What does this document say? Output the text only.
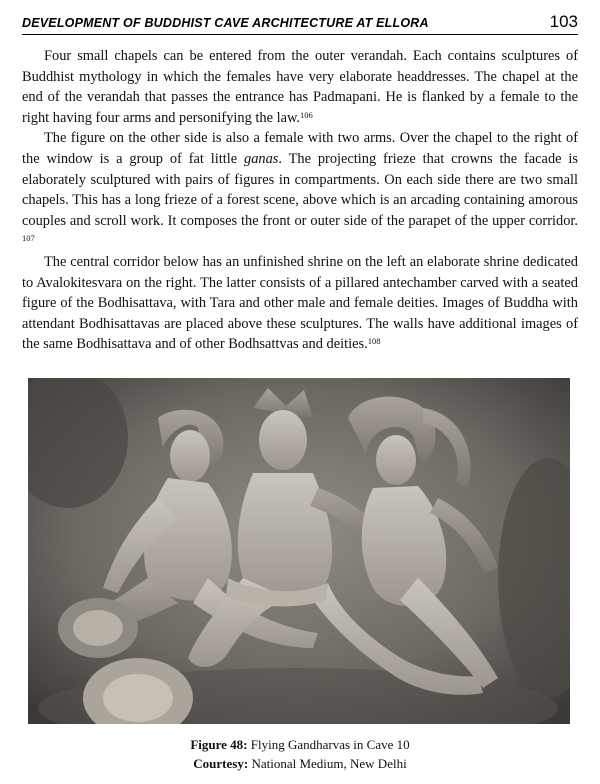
DEVELOPMENT OF BUDDHIST CAVE ARCHITECTURE AT ELLORA	103

Four small chapels can be entered from the outer verandah. Each contains sculptures of Buddhist mythology in which the females have very elaborate headdresses. The chapel at the end of the verandah that passes the entrance has Padmapani. He is flanked by a female to the right having four arms and personifying the law.$^{106}$

The figure on the other side is also a female with two arms. Over the chapel to the right of the window is a group of fat little ganas. The projecting frieze that crowns the facade is elaborately sculptured with pairs of figures in compartments. On each side there are two small chapels. This has a long frieze of a forest scene, above which is an arcading containing amorous couples and scroll work. It composes the front or outer side of the parapet of the upper corridor. $^{107}$

The central corridor below has an unfinished shrine on the left an elaborate shrine dedicated to Avalokitesvara on the right. The latter consists of a pillared antechamber carved with a seated figure of the Bodhisattava, with Tara and other male and female deities. Images of Buddha with attendant Bodhisattavas are placed above these sculptures. The walls have additional images of the same Bodhisattava and of other Bodhsattvas and deities.$^{108}$

Figure 48: Flying Gandharvas in Cave 10
Courtesy: National Medium, New Delhi
